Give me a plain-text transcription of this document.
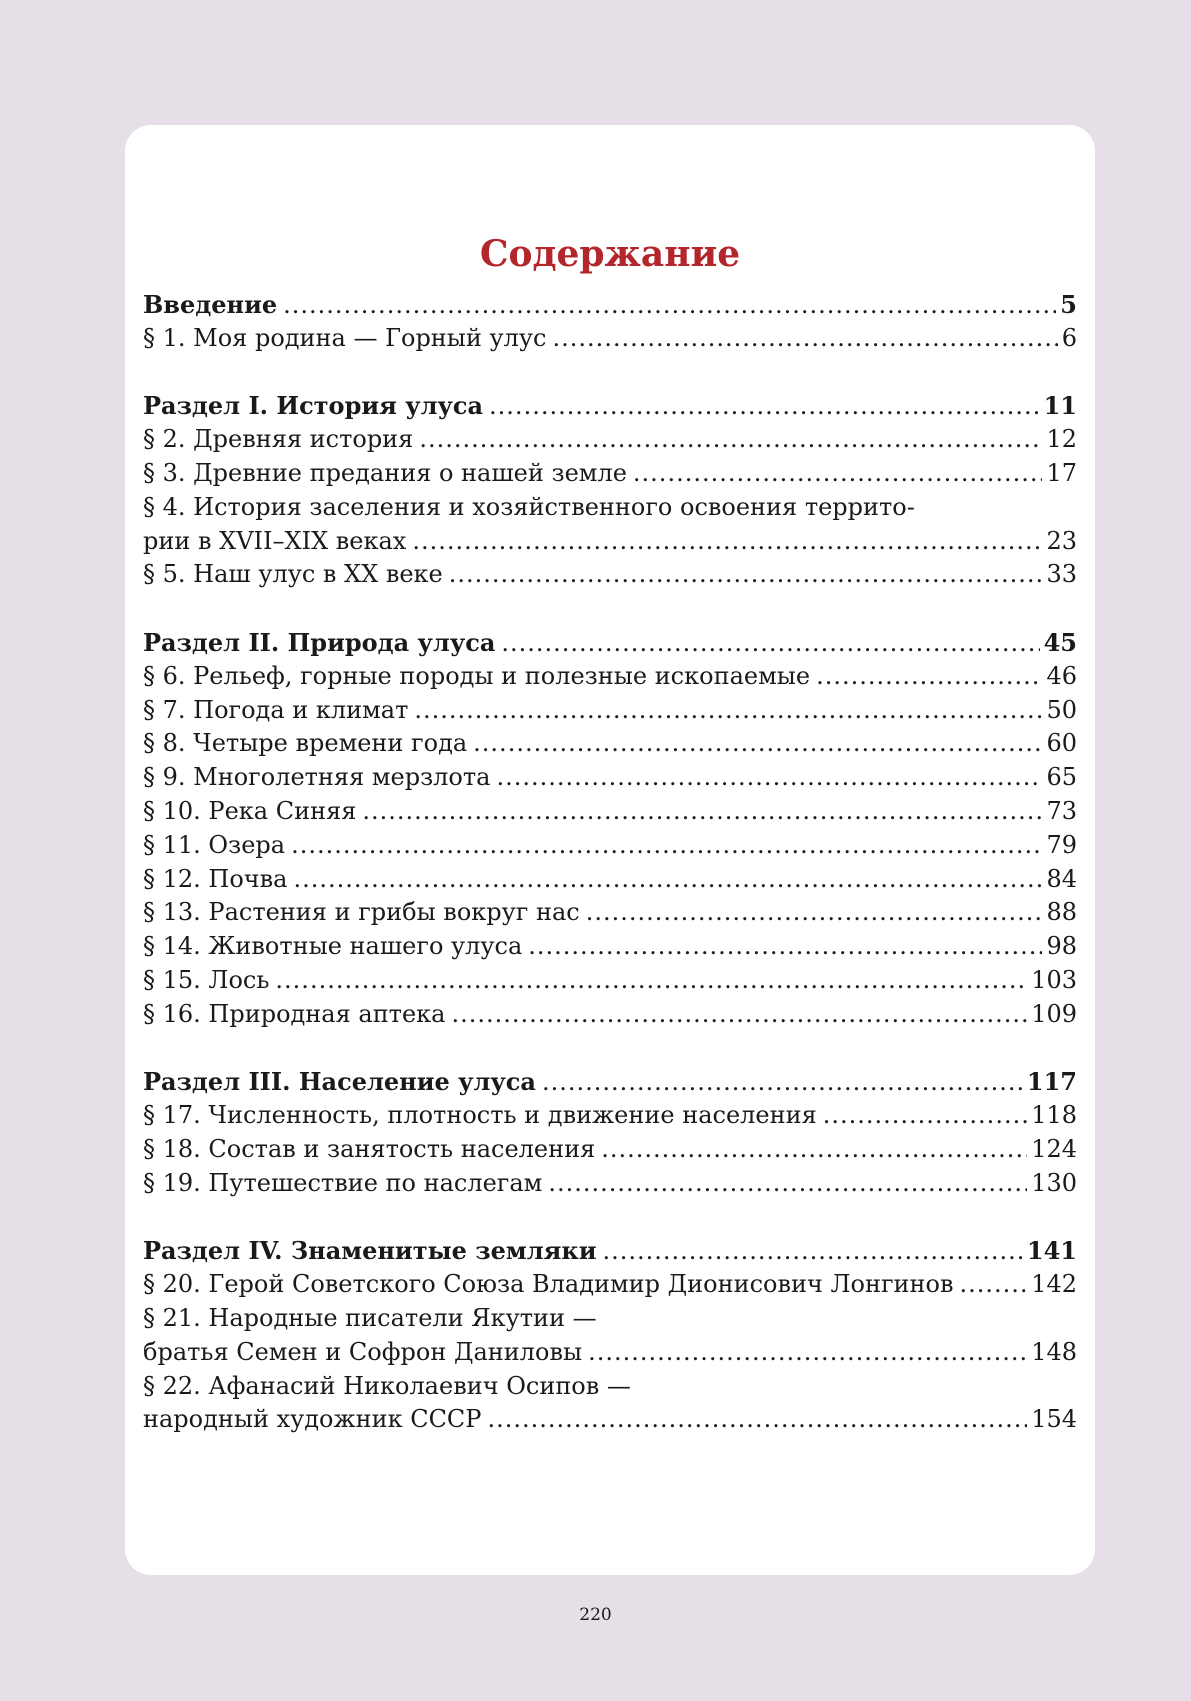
Содержание
Введение .....	5
§ 1. Моя родина — Горный улус .....	6
Раздел I. История улуса .....	11
§ 2. Древняя история .....	12
§ 3. Древние предания о нашей земле .....	17
§ 4. История заселения и хозяйственного освоения террито-
рии в XVII–XIX веках .....	23
§ 5. Наш улус в XX веке .....	33
Раздел II. Природа улуса .....	45
§ 6. Рельеф, горные породы и полезные ископаемые .....	46
§ 7. Погода и климат .....	50
§ 8. Четыре времени года .....	60
§ 9. Многолетняя мерзлота .....	65
§ 10. Река Синяя .....	73
§ 11. Озера .....	79
§ 12. Почва .....	84
§ 13. Растения и грибы вокруг нас .....	88
§ 14. Животные нашего улуса .....	98
§ 15. Лось .....	103
§ 16. Природная аптека .....	109
Раздел III. Население улуса .....	117
§ 17. Численность, плотность и движение населения .....	118
§ 18. Состав и занятость населения .....	124
§ 19. Путешествие по наслегам .....	130
Раздел IV. Знаменитые земляки .....	141
§ 20. Герой Советского Союза Владимир Дионисович Лонгинов .....	142
§ 21. Народные писатели Якутии —
братья Семен и Софрон Даниловы .....	148
§ 22. Афанасий Николаевич Осипов —
народный художник СССР .....	154
220
